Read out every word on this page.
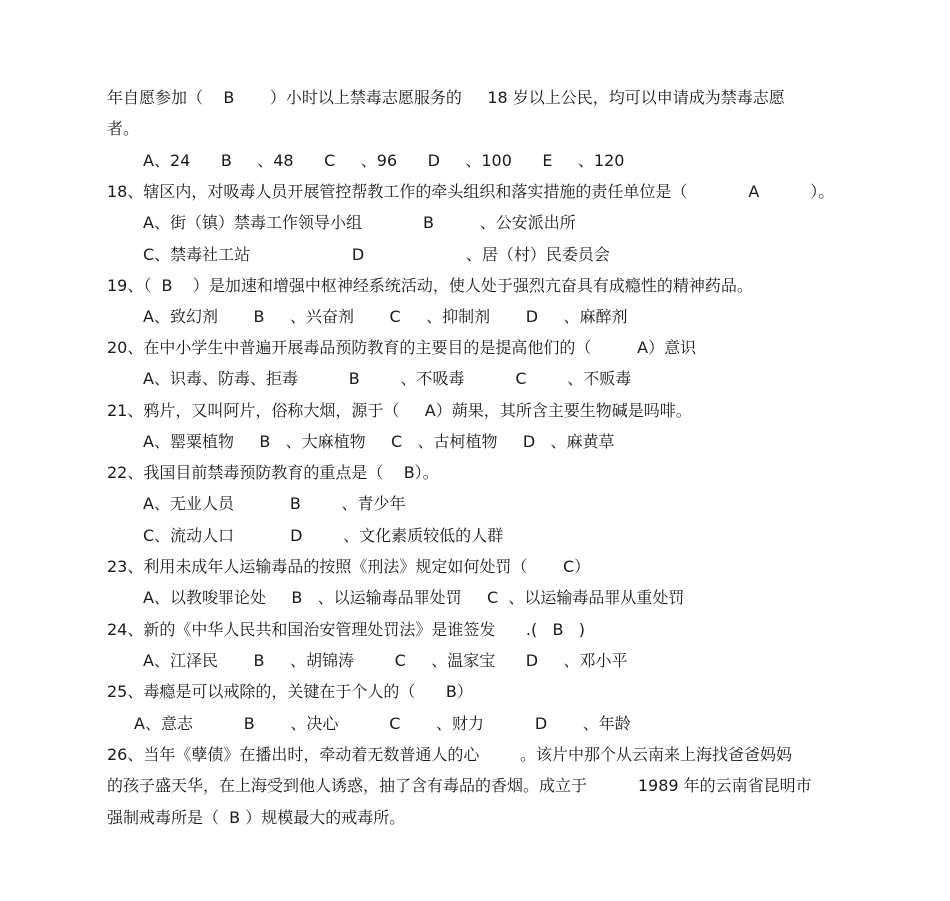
年自愿参加（    B       ）小时以上禁毒志愿服务的     18 岁以上公民，均可以申请成为禁毒志愿
者。
A、24      B     、48      C     、96      D     、100      E     、120
18、辖区内，对吸毒人员开展管控帮教工作的牵头组织和落实措施的责任单位是（            A          ）。
A、街（镇）禁毒工作领导小组            B         、公安派出所
C、禁毒社工站                    D                    、居（村）民委员会
19、（  B    ）是加速和增强中枢神经系统活动，使人处于强烈亢奋具有成瘾性的精神药品。
A、致幻剂       B     、兴奋剂       C     、抑制剂       D     、麻醉剂
20、在中小学生中普遍开展毒品预防教育的主要目的是提高他们的（         A）意识
A、识毒、防毒、拒毒          B        、不吸毒          C        、不贩毒
21、鸦片，又叫阿片，俗称大烟，源于（     A）蒴果，其所含主要生物碱是吗啡。
A、罂粟植物     B   、大麻植物     C   、古柯植物     D   、麻黄草
22、我国目前禁毒预防教育的重点是（    B）。
A、无业人员           B        、青少年
C、流动人口           D        、文化素质较低的人群
23、利用未成年人运输毒品的按照《刑法》规定如何处罚（       C）
A、以教唆罪论处     B   、以运输毒品罪处罚     C  、以运输毒品罪从重处罚
24、新的《中华人民共和国治安管理处罚法》是谁签发      .(   B   )
A、江泽民       B     、胡锦涛        C     、温家宝      D     、邓小平
25、毒瘾是可以戒除的，关键在于个人的（      B）
A、意志          B       、决心          C       、财力          D       、年龄
26、当年《孽债》在播出时，牵动着无数普通人的心        。该片中那个从云南来上海找爸爸妈妈
的孩子盛天华，在上海受到他人诱惑，抽了含有毒品的香烟。成立于          1989 年的云南省昆明市
强制戒毒所是（  B ）规模最大的戒毒所。
